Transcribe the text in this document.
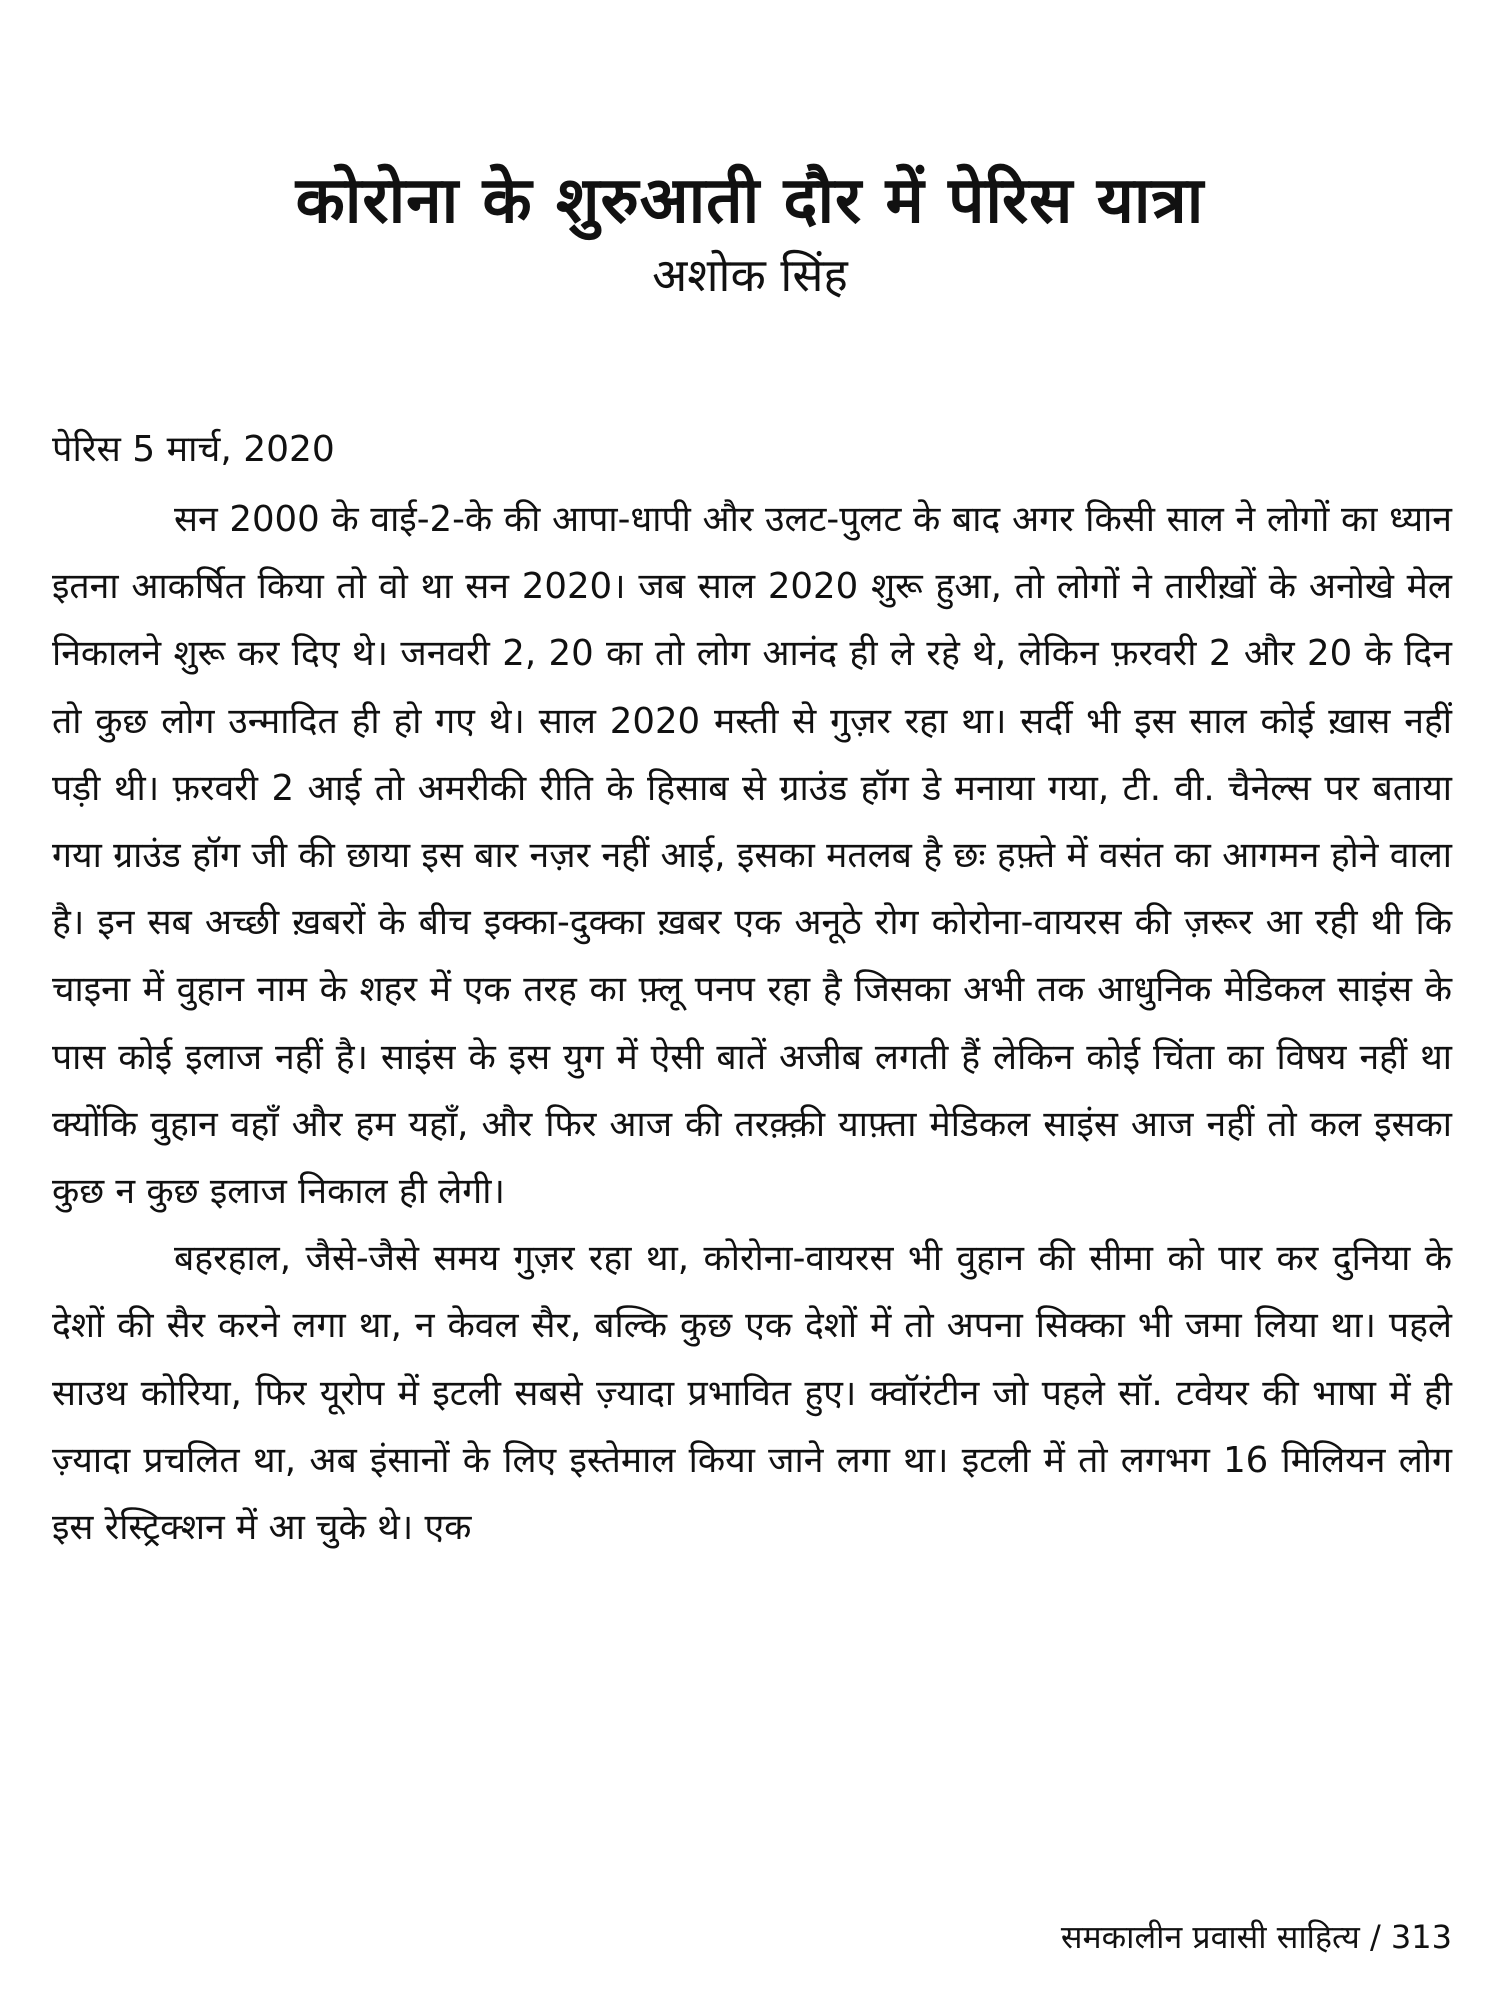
कोरोना के शुरुआती दौर में पेरिस यात्रा
अशोक सिंह
पेरिस 5 मार्च, 2020

सन 2000 के वाई-2-के की आपा-धापी और उलट-पुलट के बाद अगर किसी साल ने लोगों का ध्यान इतना आकर्षित किया तो वो था सन 2020। जब साल 2020 शुरू हुआ, तो लोगों ने तारीख़ों के अनोखे मेल निकालने शुरू कर दिए थे। जनवरी 2, 20 का तो लोग आनंद ही ले रहे थे, लेकिन फ़रवरी 2 और 20 के दिन तो कुछ लोग उन्मादित ही हो गए थे। साल 2020 मस्ती से गुज़र रहा था। सर्दी भी इस साल कोई ख़ास नहीं पड़ी थी। फ़रवरी 2 आई तो अमरीकी रीति के हिसाब से ग्राउंड हॉग डे मनाया गया, टी. वी. चैनेल्स पर बताया गया ग्राउंड हॉग जी की छाया इस बार नज़र नहीं आई, इसका मतलब है छः हफ़्ते में वसंत का आगमन होने वाला है। इन सब अच्छी ख़बरों के बीच इक्का-दुक्का ख़बर एक अनूठे रोग कोरोना-वायरस की ज़रूर आ रही थी कि चाइना में वुहान नाम के शहर में एक तरह का फ़्लू पनप रहा है जिसका अभी तक आधुनिक मेडिकल साइंस के पास कोई इलाज नहीं है। साइंस के इस युग में ऐसी बातें अजीब लगती हैं लेकिन कोई चिंता का विषय नहीं था क्योंकि वुहान वहाँ और हम यहाँ, और फिर आज की तरक़्क़ी याफ़्ता मेडिकल साइंस आज नहीं तो कल इसका कुछ न कुछ इलाज निकाल ही लेगी।

बहरहाल, जैसे-जैसे समय गुज़र रहा था, कोरोना-वायरस भी वुहान की सीमा को पार कर दुनिया के देशों की सैर करने लगा था, न केवल सैर, बल्कि कुछ एक देशों में तो अपना सिक्का भी जमा लिया था। पहले साउथ कोरिया, फिर यूरोप में इटली सबसे ज़्यादा प्रभावित हुए। क्वॉरंटीन जो पहले सॉ. टवेयर की भाषा में ही ज़्यादा प्रचलित था, अब इंसानों के लिए इस्तेमाल किया जाने लगा था। इटली में तो लगभग 16 मिलियन लोग इस रेस्ट्रिक्शन में आ चुके थे। एक

समकालीन प्रवासी साहित्य / 313
